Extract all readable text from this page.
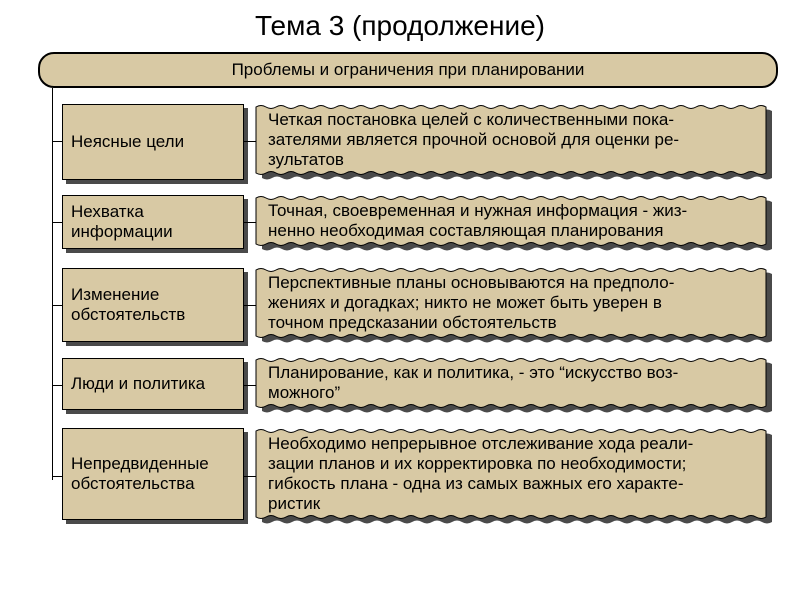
Тема 3 (продолжение)
Проблемы и ограничения при планировании
Неясные цели
Четкая постановка целей с количественными пока-
зателями является прочной основой для оценки ре-
зультатов
Нехватка информации
Точная, своевременная и нужная информация - жиз-
ненно необходимая составляющая планирования
Изменение обстоятельств
Перспективные планы основываются на предполо-
жениях и догадках; никто не может быть уверен в
точном предсказании обстоятельств
Люди и политика
Планирование, как и политика, - это “искусство воз-
можного”
Непредвиденные обстоятельства
Необходимо непрерывное отслеживание хода реали-
зации планов и их корректировка по необходимости;
гибкость плана - одна из самых важных его характе-
ристик
